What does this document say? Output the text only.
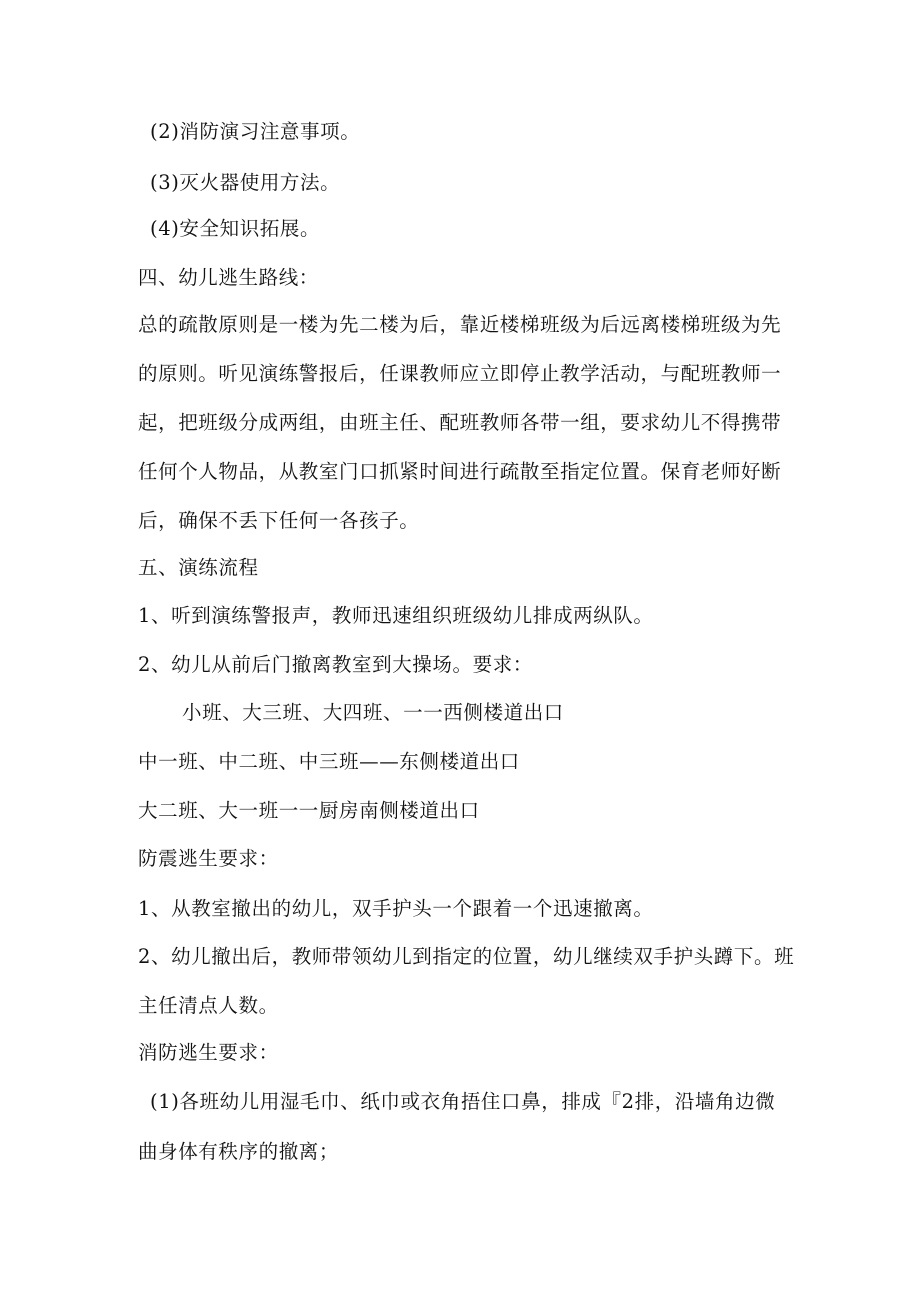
(2)消防演习注意事项。
(3)灭火器使用方法。
(4)安全知识拓展。
四、幼儿逃生路线：
总的疏散原则是一楼为先二楼为后，靠近楼梯班级为后远离楼梯班级为先
的原则。听见演练警报后，任课教师应立即停止教学活动，与配班教师一
起，把班级分成两组，由班主任、配班教师各带一组，要求幼儿不得携带
任何个人物品，从教室门口抓紧时间进行疏散至指定位置。保育老师好断
后，确保不丢下任何一各孩子。
五、演练流程
1、听到演练警报声，教师迅速组织班级幼儿排成两纵队。
2、幼儿从前后门撤离教室到大操场。要求：
小班、大三班、大四班、一一西侧楼道出口
中一班、中二班、中三班——东侧楼道出口
大二班、大一班一一厨房南侧楼道出口
防震逃生要求：
1、从教室撤出的幼儿，双手护头一个跟着一个迅速撤离。
2、幼儿撤出后，教师带领幼儿到指定的位置，幼儿继续双手护头蹲下。班
主任清点人数。
消防逃生要求：
(1)各班幼儿用湿毛巾、纸巾或衣角捂住口鼻，排成『2排，沿墙角边微
曲身体有秩序的撤离；
